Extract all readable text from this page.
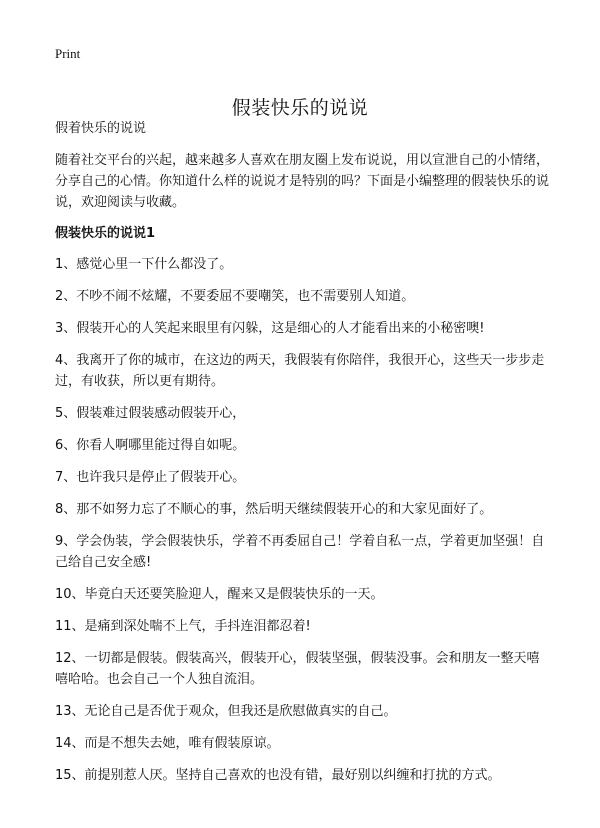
Print
假装快乐的说说

假着快乐的说说

随着社交平台的兴起，越来越多人喜欢在朋友圈上发布说说，用以宣泄自己的小情绪，分享自己的心情。你知道什么样的说说才是特别的吗？下面是小编整理的假装快乐的说说，欢迎阅读与收藏。

假装快乐的说说1

1、感觉心里一下什么都没了。
2、不吵不闹不炫耀，不要委屈不要嘲笑，也不需要别人知道。
3、假装开心的人笑起来眼里有闪躲，这是细心的人才能看出来的小秘密噢!
4、我离开了你的城市，在这边的两天，我假装有你陪伴，我很开心，这些天一步步走过，有收获，所以更有期待。
5、假装难过假装感动假装开心，
6、你看人啊哪里能过得自如呢。
7、也许我只是停止了假装开心。
8、那不如努力忘了不顺心的事，然后明天继续假装开心的和大家见面好了。
9、学会伪装，学会假装快乐，学着不再委屈自己！学着自私一点，学着更加坚强！自己给自己安全感!
10、毕竟白天还要笑脸迎人，醒来又是假装快乐的一天。
11、是痛到深处喘不上气，手抖连泪都忍着!
12、一切都是假装。假装高兴，假装开心，假装坚强，假装没事。会和朋友一整天嘻嘻哈哈。也会自己一个人独自流泪。
13、无论自己是否优于观众，但我还是欣慰做真实的自己。
14、而是不想失去她，唯有假装原谅。
15、前提别惹人厌。坚持自己喜欢的也没有错，最好别以纠缠和打扰的方式。
